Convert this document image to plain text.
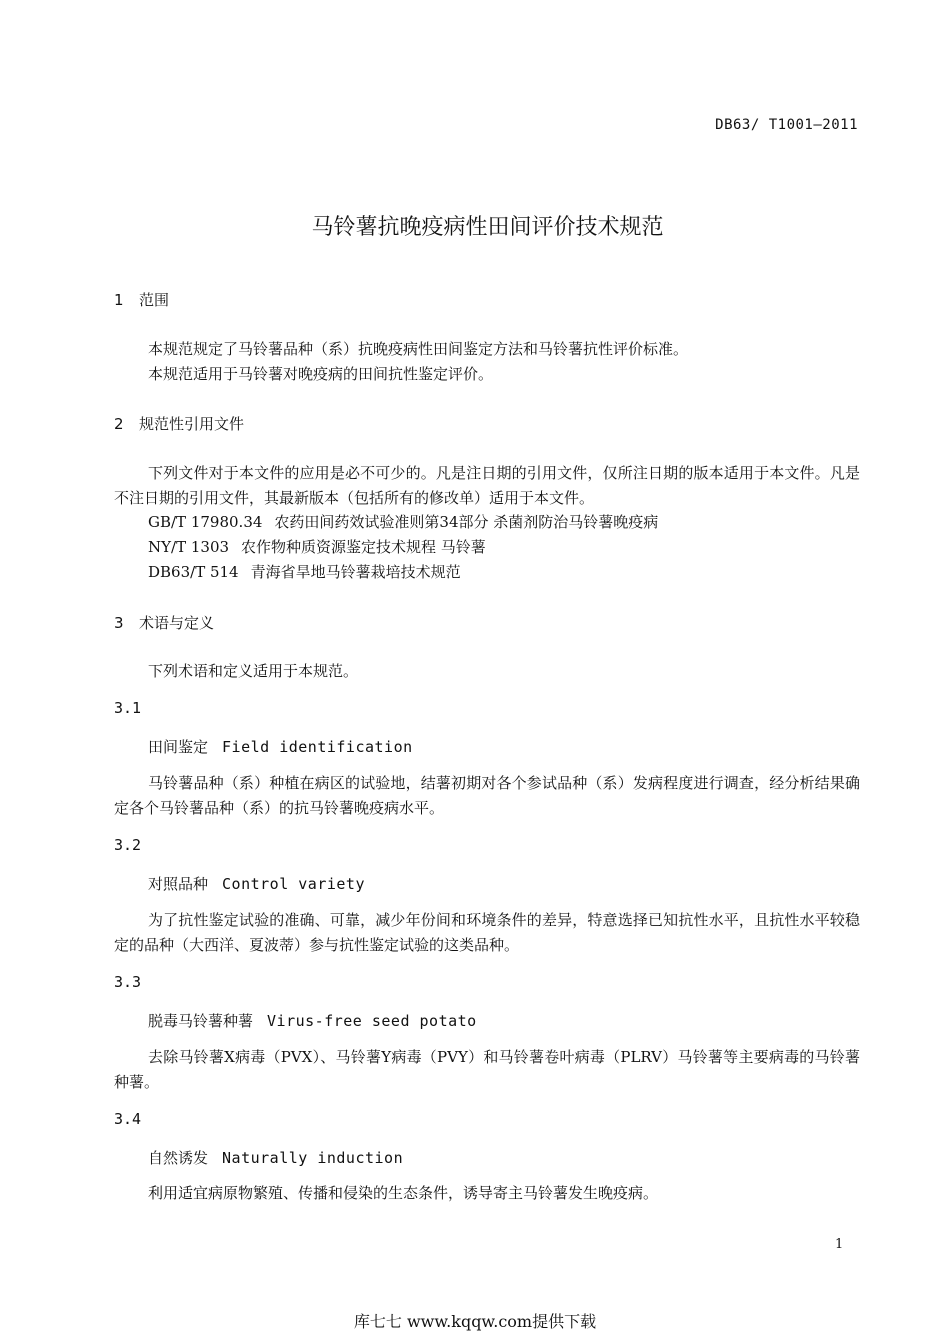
DB63/ T1001—2011
马铃薯抗晚疫病性田间评价技术规范
1 范围
本规范规定了马铃薯品种（系）抗晚疫病性田间鉴定方法和马铃薯抗性评价标准。
本规范适用于马铃薯对晚疫病的田间抗性鉴定评价。
2 规范性引用文件
下列文件对于本文件的应用是必不可少的。凡是注日期的引用文件，仅所注日期的版本适用于本文件。凡是不注日期的引用文件，其最新版本（包括所有的修改单）适用于本文件。
GB/T 17980.34 农药田间药效试验准则第34部分 杀菌剂防治马铃薯晚疫病
NY/T 1303 农作物种质资源鉴定技术规程 马铃薯
DB63/T 514 青海省旱地马铃薯栽培技术规范
3 术语与定义
下列术语和定义适用于本规范。
3.1
田间鉴定 Field identification
马铃薯品种（系）种植在病区的试验地，结薯初期对各个参试品种（系）发病程度进行调查，经分析结果确定各个马铃薯品种（系）的抗马铃薯晚疫病水平。
3.2
对照品种 Control variety
为了抗性鉴定试验的准确、可靠，减少年份间和环境条件的差异，特意选择已知抗性水平，且抗性水平较稳定的品种（大西洋、夏波蒂）参与抗性鉴定试验的这类品种。
3.3
脱毒马铃薯种薯 Virus-free seed potato
去除马铃薯X病毒（PVX）、马铃薯Y病毒（PVY）和马铃薯卷叶病毒（PLRV）马铃薯等主要病毒的马铃薯种薯。
3.4
自然诱发 Naturally induction
利用适宜病原物繁殖、传播和侵染的生态条件，诱导寄主马铃薯发生晚疫病。
1
库七七 www.kqqw.com提供下载
